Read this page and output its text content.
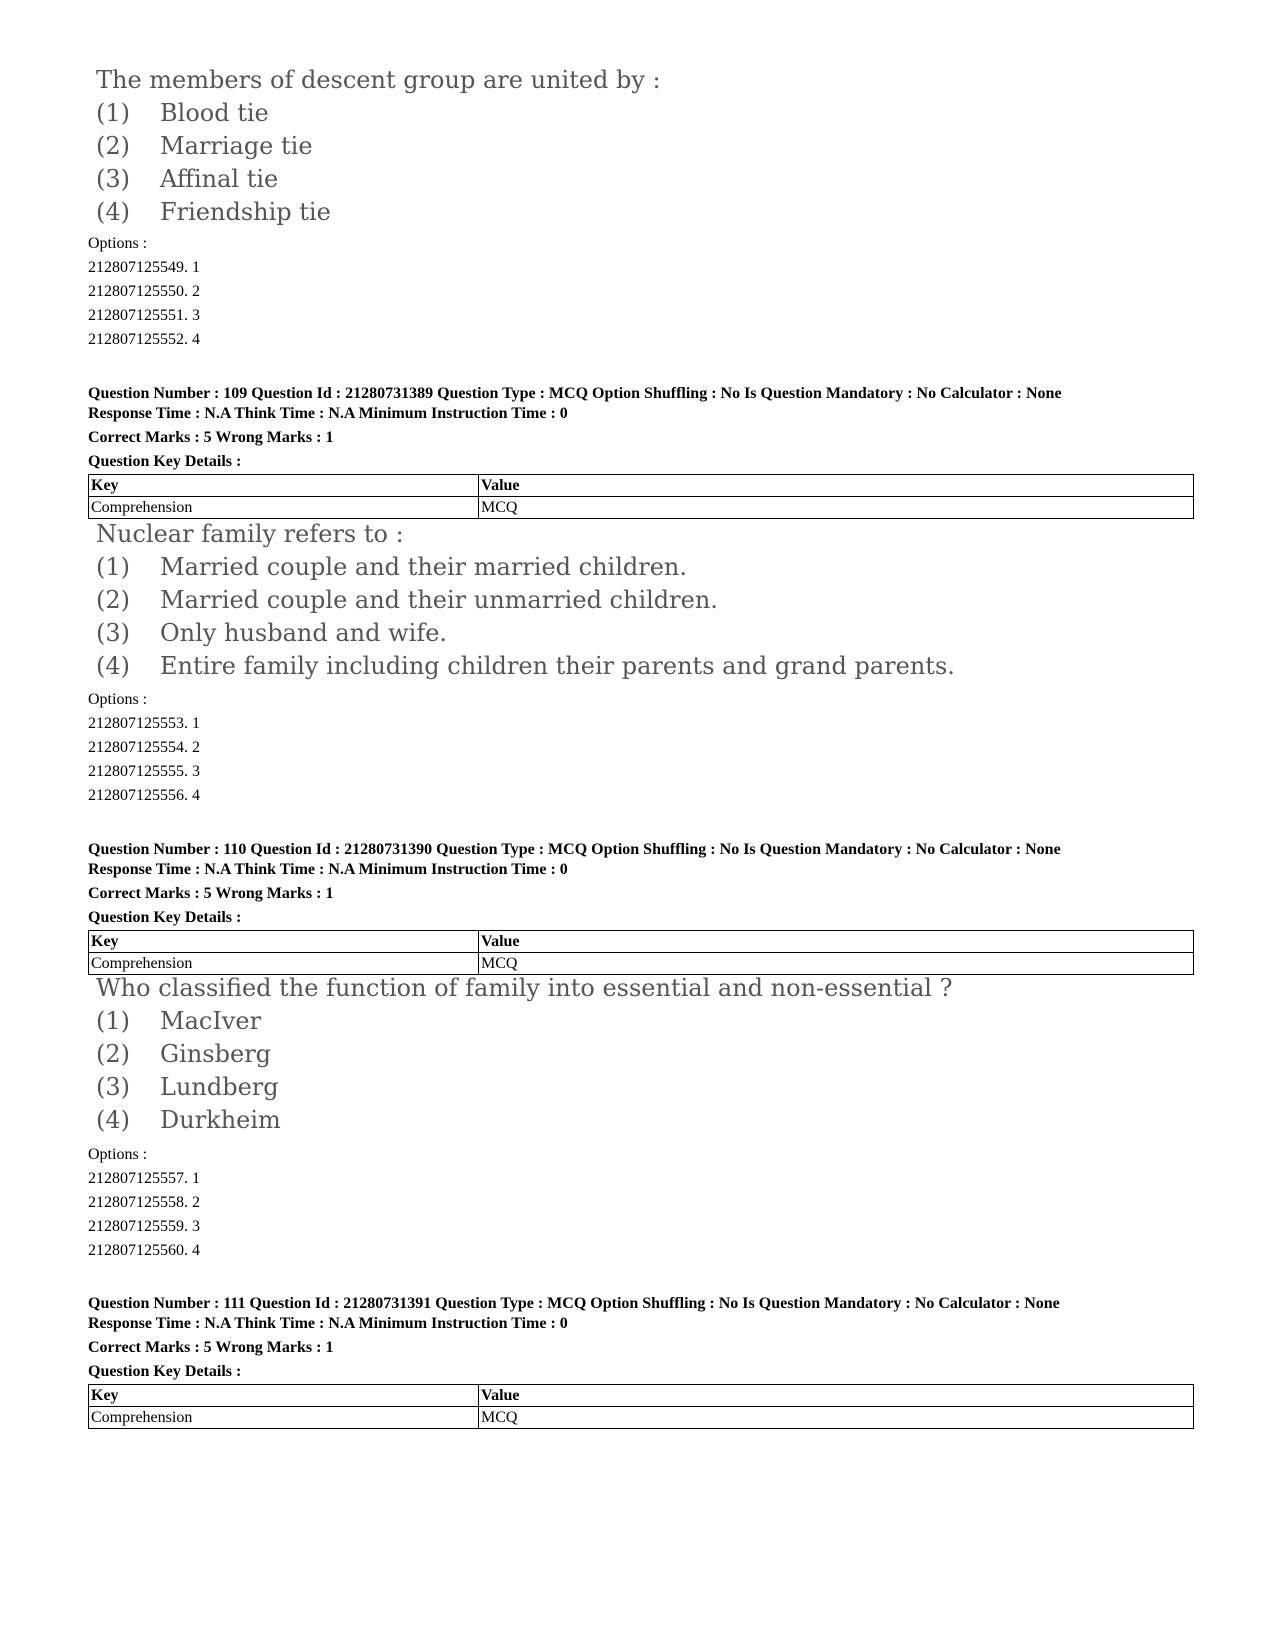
The members of descent group are united by :
(1)	Blood tie
(2)	Marriage tie
(3)	Affinal tie
(4)	Friendship tie
Options :
212807125549. 1
212807125550. 2
212807125551. 3
212807125552. 4
Question Number : 109 Question Id : 21280731389 Question Type : MCQ Option Shuffling : No Is Question Mandatory : No Calculator : None
Response Time : N.A Think Time : N.A Minimum Instruction Time : 0
Correct Marks : 5 Wrong Marks : 1
Question Key Details :
Key	Value
Comprehension	MCQ
Nuclear family refers to :
(1)	Married couple and their married children.
(2)	Married couple and their unmarried children.
(3)	Only husband and wife.
(4)	Entire family including children their parents and grand parents.
Options :
212807125553. 1
212807125554. 2
212807125555. 3
212807125556. 4
Question Number : 110 Question Id : 21280731390 Question Type : MCQ Option Shuffling : No Is Question Mandatory : No Calculator : None
Response Time : N.A Think Time : N.A Minimum Instruction Time : 0
Correct Marks : 5 Wrong Marks : 1
Question Key Details :
Key	Value
Comprehension	MCQ
Who classified the function of family into essential and non-essential ?
(1)	MacIver
(2)	Ginsberg
(3)	Lundberg
(4)	Durkheim
Options :
212807125557. 1
212807125558. 2
212807125559. 3
212807125560. 4
Question Number : 111 Question Id : 21280731391 Question Type : MCQ Option Shuffling : No Is Question Mandatory : No Calculator : None
Response Time : N.A Think Time : N.A Minimum Instruction Time : 0
Correct Marks : 5 Wrong Marks : 1
Question Key Details :
Key	Value
Comprehension	MCQ
